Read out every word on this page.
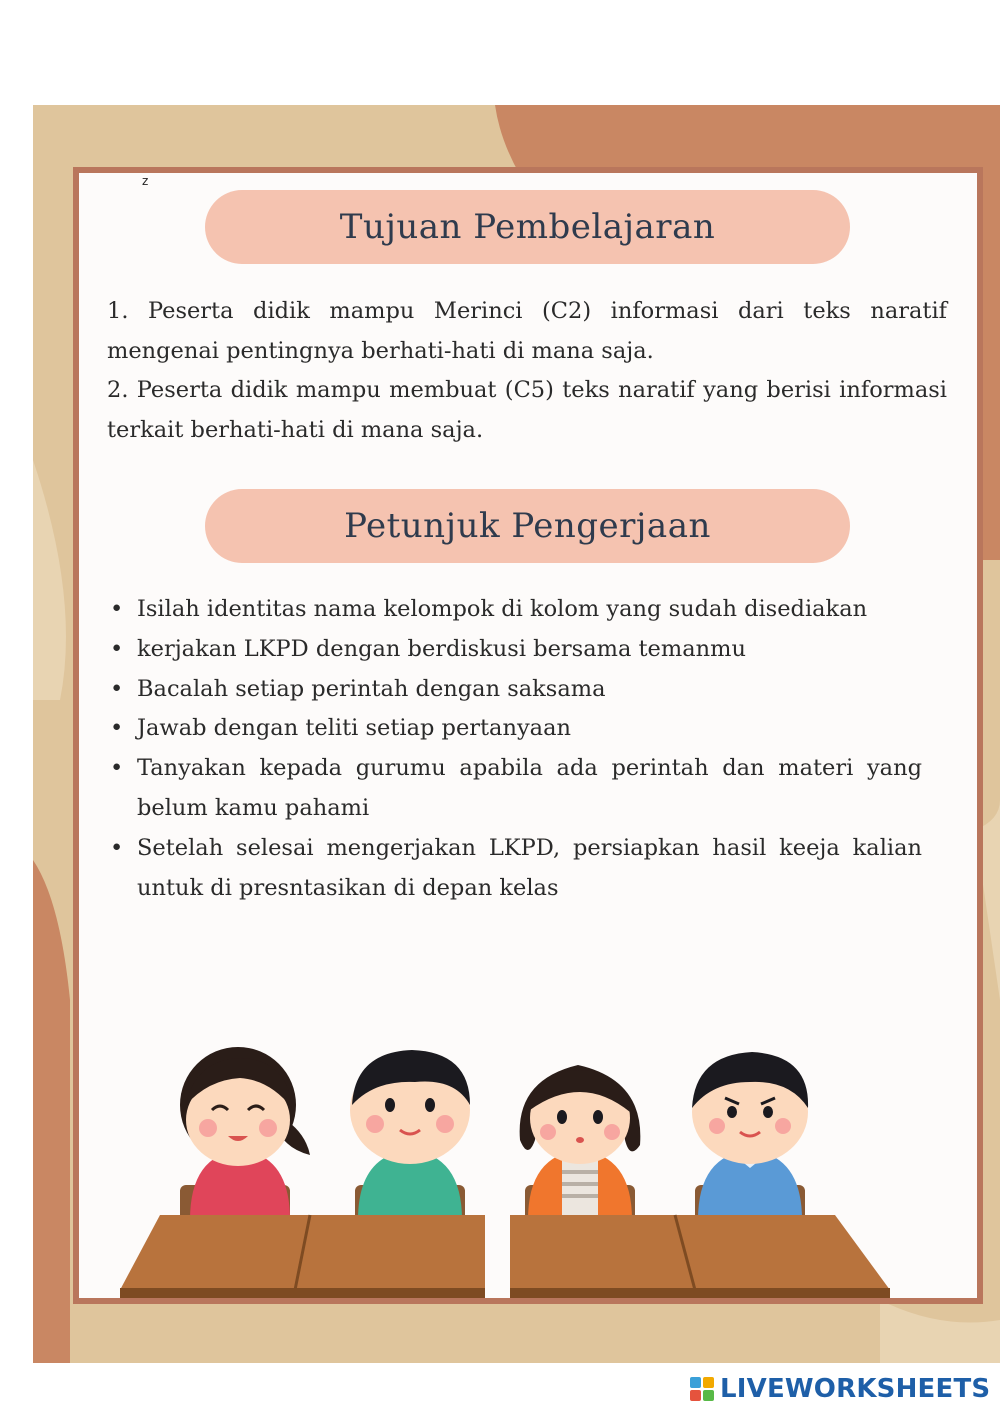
z
Tujuan Pembelajaran

1. Peserta didik mampu Merinci (C2) informasi dari teks naratif mengenai pentingnya berhati-hati di mana saja.

2. Peserta didik mampu membuat (C5) teks naratif yang berisi informasi terkait berhati-hati di mana saja.

Petunjuk Pengerjaan
• Isilah identitas nama kelompok di kolom yang sudah disediakan
• kerjakan LKPD dengan berdiskusi bersama temanmu
• Bacalah setiap perintah dengan saksama
• Jawab dengan teliti setiap pertanyaan
• Tanyakan kepada gurumu apabila ada perintah dan materi yang belum kamu pahami
• Setelah selesai mengerjakan LKPD, persiapkan hasil keeja kalian untuk di presntasikan di depan kelas
LIVEWORKSHEETS
